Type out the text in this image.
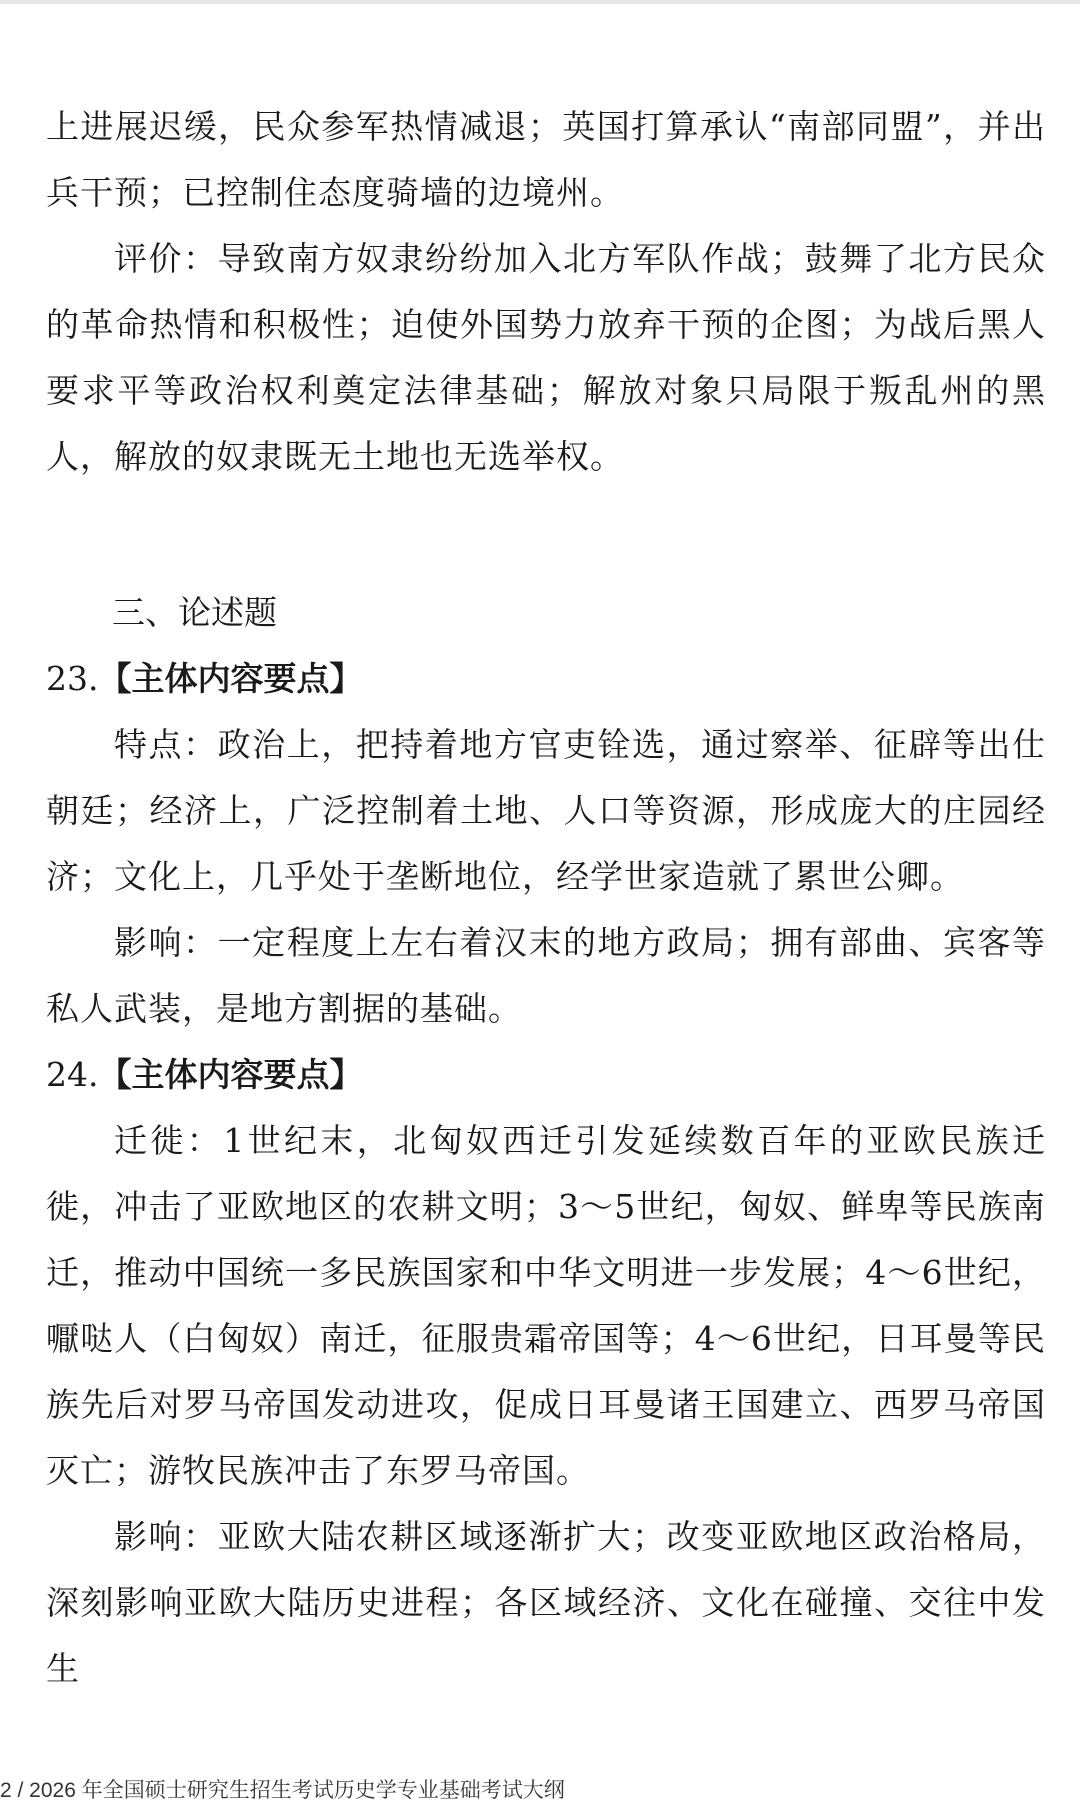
上进展迟缓，民众参军热情减退；英国打算承认“南部同盟”，并出兵干预；已控制住态度骑墙的边境州。

评价：导致南方奴隶纷纷加入北方军队作战；鼓舞了北方民众的革命热情和积极性；迫使外国势力放弃干预的企图；为战后黑人要求平等政治权利奠定法律基础；解放对象只局限于叛乱州的黑人，解放的奴隶既无土地也无选举权。

三、论述题

23.【主体内容要点】

特点：政治上，把持着地方官吏铨选，通过察举、征辟等出仕朝廷；经济上，广泛控制着土地、人口等资源，形成庞大的庄园经济；文化上，几乎处于垄断地位，经学世家造就了累世公卿。

影响：一定程度上左右着汉末的地方政局；拥有部曲、宾客等私人武装，是地方割据的基础。

24.【主体内容要点】

迁徙：1世纪末，北匈奴西迁引发延续数百年的亚欧民族迁徙，冲击了亚欧地区的农耕文明；3～5世纪，匈奴、鲜卑等民族南迁，推动中国统一多民族国家和中华文明进一步发展；4～6世纪，嚈哒人（白匈奴）南迁，征服贵霜帝国等；4～6世纪，日耳曼等民族先后对罗马帝国发动进攻，促成日耳曼诸王国建立、西罗马帝国灭亡；游牧民族冲击了东罗马帝国。

影响：亚欧大陆农耕区域逐渐扩大；改变亚欧地区政治格局，深刻影响亚欧大陆历史进程；各区域经济、文化在碰撞、交往中发生

2 / 2026 年全国硕士研究生招生考试历史学专业基础考试大纲
